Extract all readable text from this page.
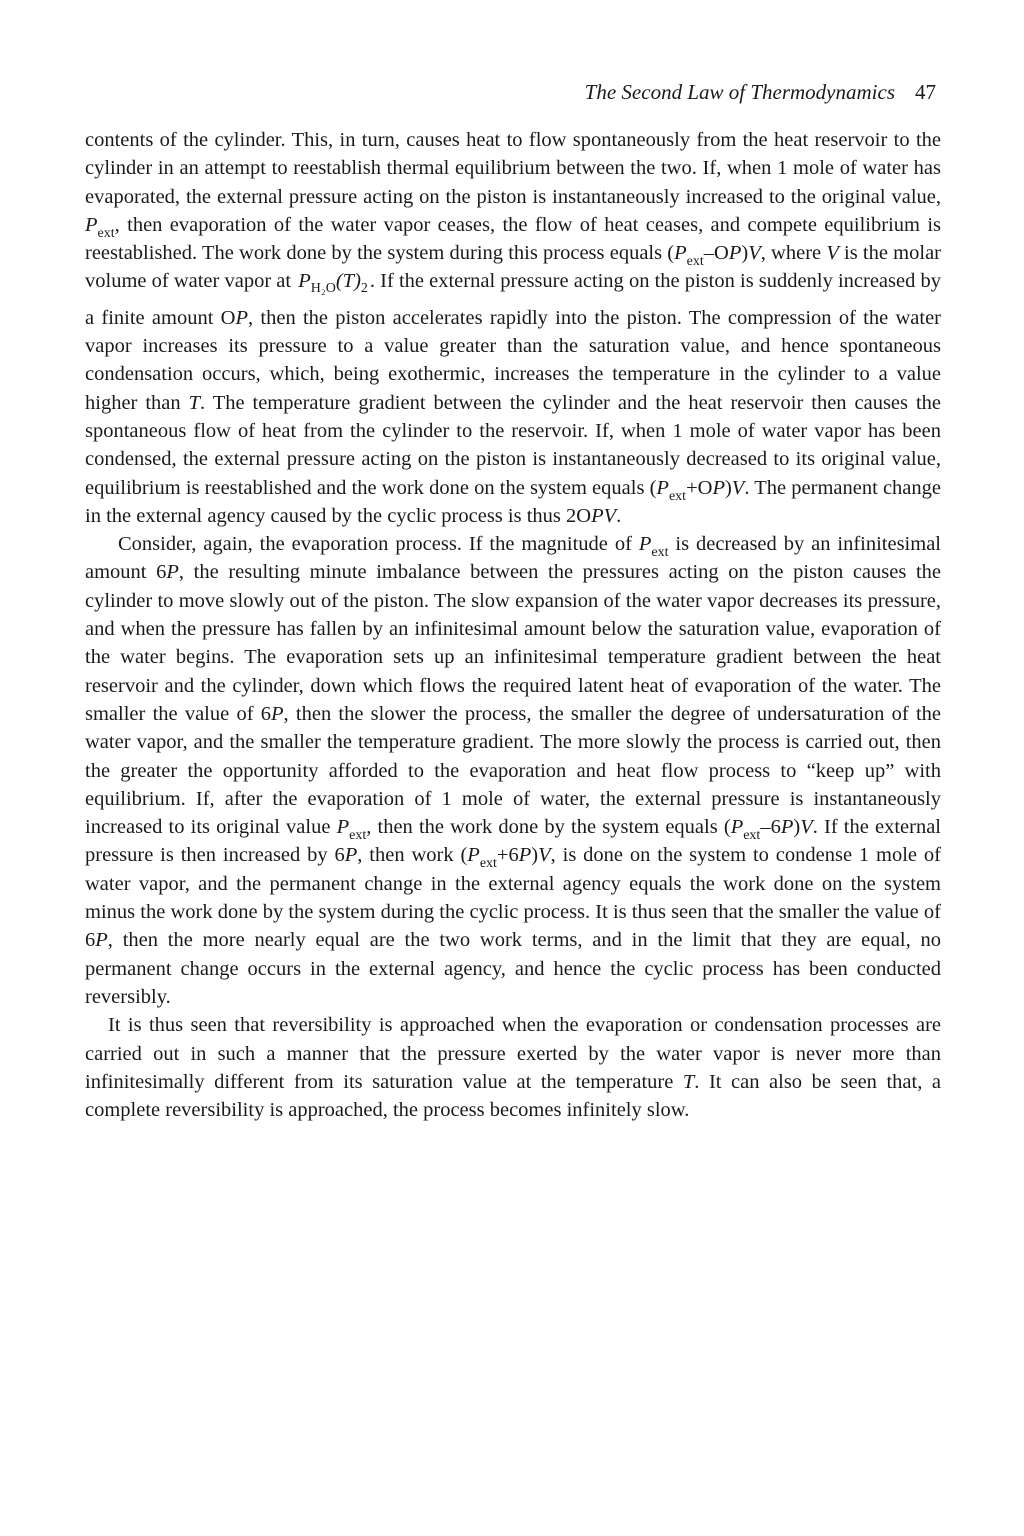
The Second Law of Thermodynamics 47

contents of the cylinder. This, in turn, causes heat to flow spontaneously from the heat reservoir to the cylinder in an attempt to reestablish thermal equilibrium between the two. If, when 1 mole of water has evaporated, the external pressure acting on the piston is instantaneously increased to the original value, $P_{ext}$, then evaporation of the water vapor ceases, the flow of heat ceases, and compete equilibrium is reestablished. The work done by the system during this process equals $(P_{ext}-OP)V$, where V is the molar volume of water vapor at $P_{H_2O}(T)_2$. If the external pressure acting on the piston is suddenly increased by a finite amount OP, then the piston accelerates rapidly into the piston. The compression of the water vapor increases its pressure to a value greater than the saturation value, and hence spontaneous condensation occurs, which, being exothermic, increases the temperature in the cylinder to a value higher than T. The temperature gradient between the cylinder and the heat reservoir then causes the spontaneous flow of heat from the cylinder to the reservoir. If, when 1 mole of water vapor has been condensed, the external pressure acting on the piston is instantaneously decreased to its original value, equilibrium is reestablished and the work done on the system equals $(P_{ext}+OP)V$. The permanent change in the external agency caused by the cyclic process is thus 2OPV.

Consider, again, the evaporation process. If the magnitude of $P_{ext}$ is decreased by an infinitesimal amount 6P, the resulting minute imbalance between the pressures acting on the piston causes the cylinder to move slowly out of the piston. The slow expansion of the water vapor decreases its pressure, and when the pressure has fallen by an infinitesimal amount below the saturation value, evaporation of the water begins. The evaporation sets up an infinitesimal temperature gradient between the heat reservoir and the cylinder, down which flows the required latent heat of evaporation of the water. The smaller the value of 6P, then the slower the process, the smaller the degree of undersaturation of the water vapor, and the smaller the temperature gradient. The more slowly the process is carried out, then the greater the opportunity afforded to the evaporation and heat flow process to “keep up” with equilibrium. If, after the evaporation of 1 mole of water, the external pressure is instantaneously increased to its original value $P_{ext}$, then the work done by the system equals $(P_{ext}-6P)V$. If the external pressure is then increased by 6P, then work $(P_{ext}+6P)V$, is done on the system to condense 1 mole of water vapor, and the permanent change in the external agency equals the work done on the system minus the work done by the system during the cyclic process. It is thus seen that the smaller the value of 6P, then the more nearly equal are the two work terms, and in the limit that they are equal, no permanent change occurs in the external agency, and hence the cyclic process has been conducted reversibly.

It is thus seen that reversibility is approached when the evaporation or condensation processes are carried out in such a manner that the pressure exerted by the water vapor is never more than infinitesimally different from its saturation value at the temperature T. It can also be seen that, a complete reversibility is approached, the process becomes infinitely slow.
